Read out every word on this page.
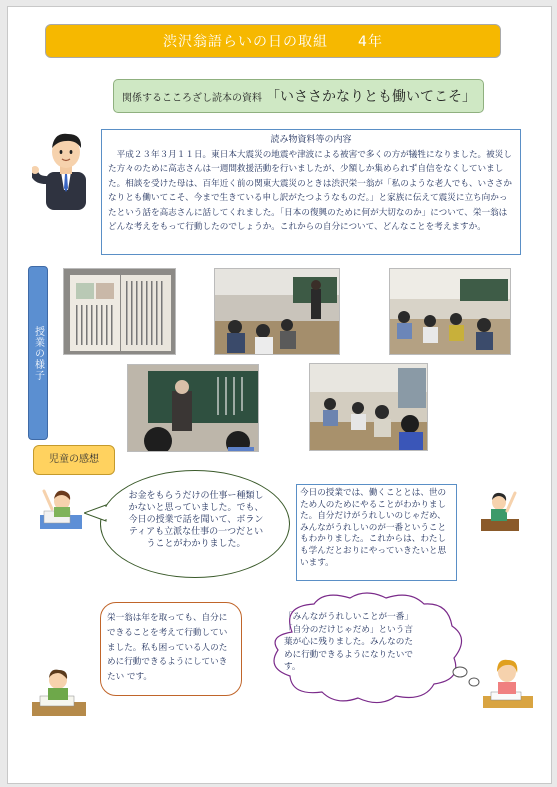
渋沢翁語らいの日の取組　　4年
関係するこころざし読本の資料 「いささかなりとも働いてこそ」
読み物資料等の内容
　平成２３年３月１１日。東日本大震災の地震や津波による被害で多くの方が犠牲になりました。被災した方々のために高志さんは一週間救援活動を行いましたが、少額しか集められず自信をなくしていました。相談を受けた母は、百年近く前の関東大震災のときは渋沢栄一翁が「私のような老人でも、いささかなりとも働いてこそ、今まで生きている申し訳がたつようなものだ。」と家族に伝えて震災に立ち向かったという話を高志さんに話してくれました。「日本の復興のために何が大切なのか」について、栄一翁はどんな考えをもって行動したのでしょうか。これからの自分について、どんなことを考えますか。
授業の様子
児童の感想
お金をもらうだけの仕事ー種類しかないと思っていました。でも、今日の授業で話を聞いて、ボランティアも立派な仕事の一つだということがわかりました。
今日の授業では、働くこととは、世のため人のためにやることがわかりました。自分だけがうれしいのじゃだめ、みんながうれしいのが一番ということもわかりました。これからは、わたしも学んだとおりにやっていきたいと思います。
栄一翁は年を取っても、自分にできることを考えて行動していました。私も困っている人のために行動できるようにしていきたい です。
「みんながうれしいことが一番」「自分のだけじゃだめ」という言葉が心に残りました。みんなのために行動できるようになりたいです。
